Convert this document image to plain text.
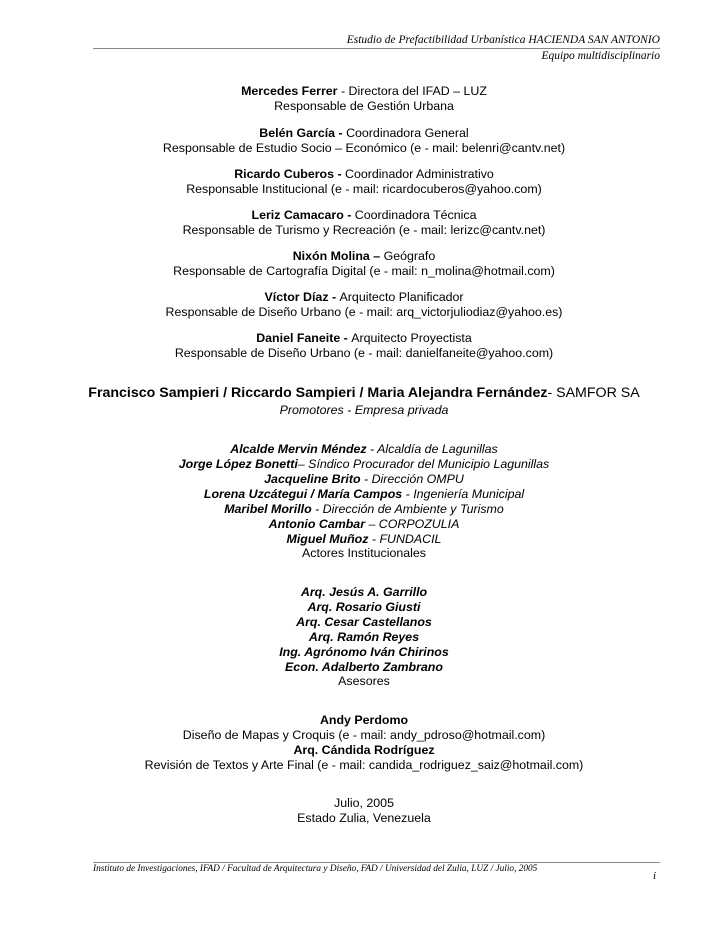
Estudio de Prefactibilidad Urbanística HACIENDA SAN ANTONIO
Equipo multidisciplinario
Mercedes Ferrer - Directora del IFAD – LUZ
Responsable de Gestión Urbana
Belén García - Coordinadora General
Responsable de Estudio Socio – Económico (e - mail: belenri@cantv.net)
Ricardo Cuberos - Coordinador Administrativo
Responsable Institucional (e - mail: ricardocuberos@yahoo.com)
Leriz Camacaro - Coordinadora Técnica
Responsable de Turismo y Recreación (e - mail: lerizc@cantv.net)
Nixón Molina – Geógrafo
Responsable de Cartografía Digital (e - mail: n_molina@hotmail.com)
Víctor Díaz - Arquitecto Planificador
Responsable de Diseño Urbano (e - mail: arq_victorjuliodiaz@yahoo.es)
Daniel Faneite - Arquitecto Proyectista
Responsable de Diseño Urbano (e - mail: danielfaneite@yahoo.com)
Francisco Sampieri / Riccardo Sampieri / Maria Alejandra Fernández- SAMFOR SA
Promotores - Empresa privada
Alcalde Mervin Méndez - Alcaldía de Lagunillas
Jorge López Bonetti– Síndico Procurador del Municipio Lagunillas
Jacqueline Brito - Dirección OMPU
Lorena Uzcátegui / María Campos - Ingeniería Municipal
Maribel Morillo - Dirección de Ambiente y Turismo
Antonio Cambar – CORPOZULIA
Miguel Muñoz - FUNDACIL
Actores Institucionales
Arq. Jesús A. Garrillo
Arq. Rosario Giusti
Arq. Cesar Castellanos
Arq. Ramón Reyes
Ing. Agrónomo Iván Chirinos
Econ. Adalberto Zambrano
Asesores
Andy Perdomo
Diseño de Mapas y Croquis (e - mail: andy_pdroso@hotmail.com)
Arq. Cándida Rodríguez
Revisión de Textos y Arte Final (e - mail: candida_rodriguez_saiz@hotmail.com)
Julio, 2005
Estado Zulia, Venezuela
Instituto de Investigaciones, IFAD / Facultad de Arquitectura y Diseño, FAD / Universidad del Zulia, LUZ / Julio, 2005
i
